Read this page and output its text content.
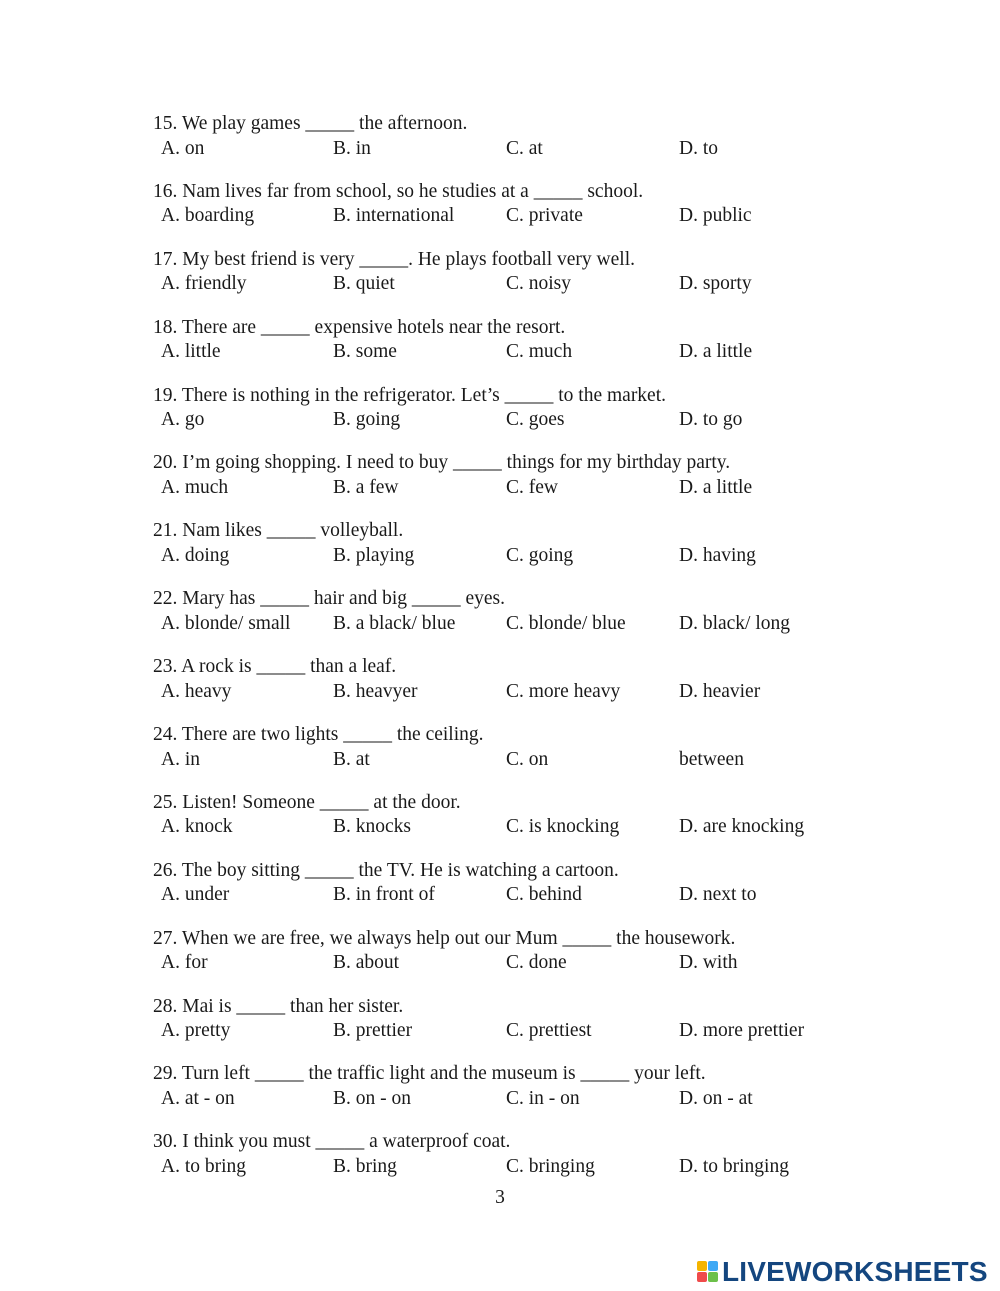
15. We play games _____ the afternoon.
A. on	B. in	C. at	D. to
16. Nam lives far from school, so he studies at a _____ school.
A. boarding	B. international	C. private	D. public
17. My best friend is very _____. He plays football very well.
A. friendly	B. quiet	C. noisy	D. sporty
18. There are _____ expensive hotels near the resort.
A. little	B. some	C. much	D. a little
19. There is nothing in the refrigerator. Let’s _____ to the market.
A. go	B. going	C. goes	D. to go
20. I’m going shopping. I need to buy _____ things for my birthday party.
A. much	B. a few	C. few	D. a little
21. Nam likes _____ volleyball.
A. doing	B. playing	C. going	D. having
22. Mary has _____ hair and big _____ eyes.
A. blonde/ small B. a black/ blue	C. blonde/ blue	D. black/ long
23. A rock is _____ than a leaf.
A. heavy	B. heavyer	C. more heavy	D. heavier
24. There are two lights _____ the ceiling.
A. in	B. at	C. on	between
25. Listen! Someone _____ at the door.
A. knock	B. knocks	C. is knocking	D. are knocking
26. The boy sitting _____ the TV. He is watching a cartoon.
A. under	B. in front of	C. behind	D. next to
27. When we are free, we always help out our Mum _____ the housework.
A. for	B. about	C. done	D. with
28. Mai is _____ than her sister.
A. pretty	B. prettier	C. prettiest	D. more prettier
29. Turn left _____ the traffic light and the museum is _____ your left.
A. at - on	B. on - on	C. in - on	D. on - at
30. I think you must _____ a waterproof coat.
A. to bring	B. bring	C. bringing	D. to bringing
3
LIVEWORKSHEETS
